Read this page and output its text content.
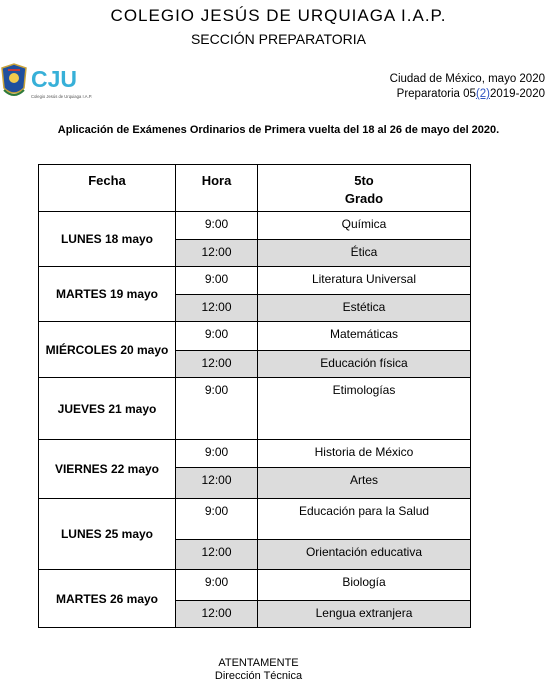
COLEGIO JESÚS DE URQUIAGA I.A.P.
SECCIÓN PREPARATORIA
CJU
Colegio Jesús de Urquiaga I.A.P.
Ciudad de México, mayo 2020
Preparatoria 05(2)2019-2020
Aplicación de Exámenes Ordinarios de Primera vuelta del 18 al 26 de mayo del 2020.
Fecha	Hora	5to
Grado
LUNES 18 mayo	9:00	Química
	12:00	Ética
MARTES 19 mayo	9:00	Literatura Universal
	12:00	Estética
MIÉRCOLES 20 mayo	9:00	Matemáticas
	12:00	Educación física
JUEVES 21 mayo	9:00	Etimologías
VIERNES 22 mayo	9:00	Historia de México
	12:00	Artes
LUNES 25 mayo	9:00	Educación para la Salud
	12:00	Orientación educativa
MARTES 26 mayo	9:00	Biología
	12:00	Lengua extranjera
ATENTAMENTE
Dirección Técnica
